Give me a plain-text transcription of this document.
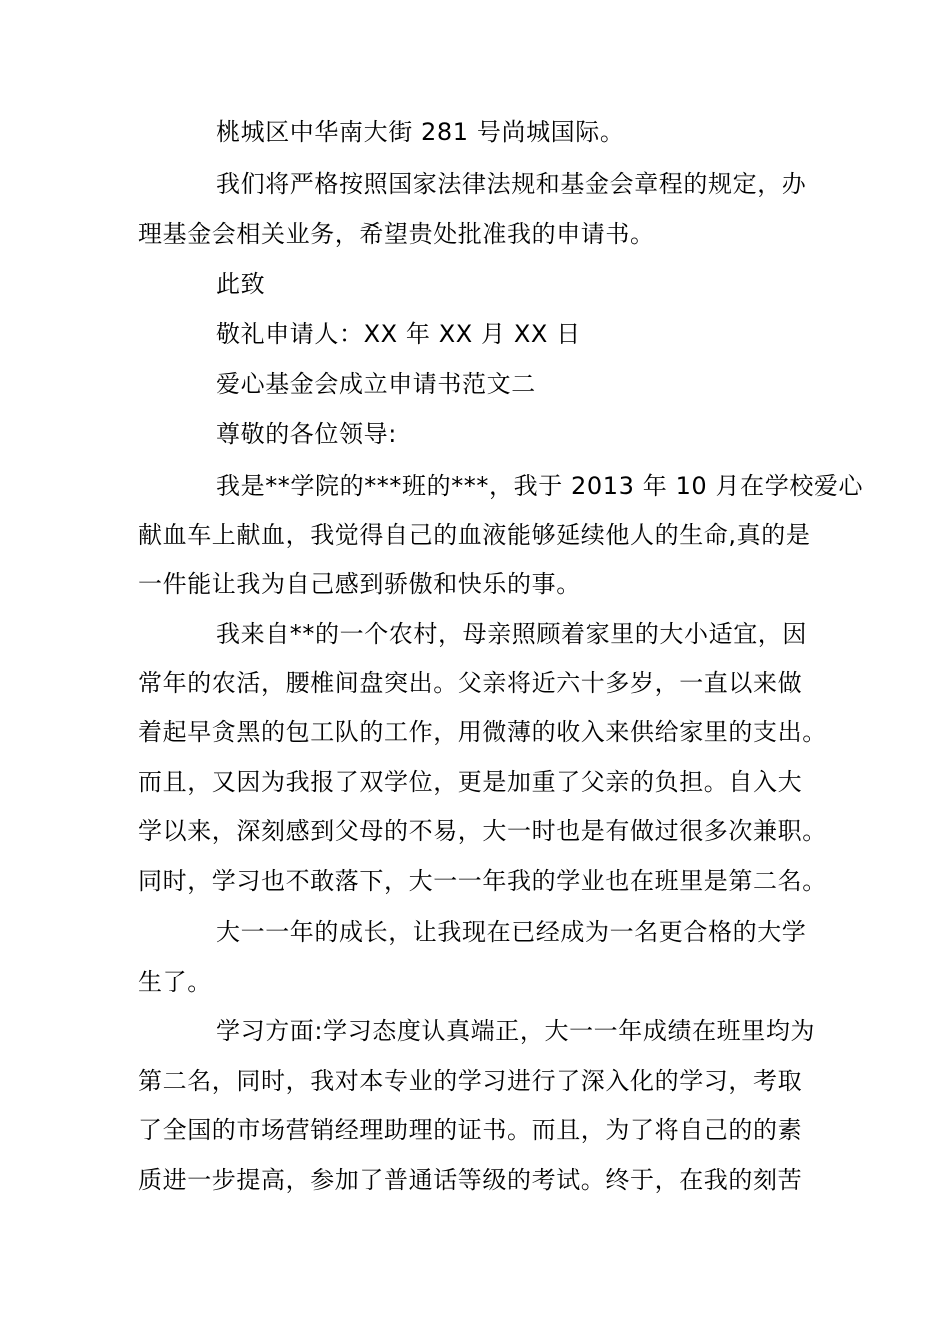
桃城区中华南大街 281 号尚城国际。
我们将严格按照国家法律法规和基金会章程的规定，办
理基金会相关业务，希望贵处批准我的申请书。
此致
敬礼申请人：XX 年 XX 月 XX 日
爱心基金会成立申请书范文二
尊敬的各位领导:
我是**学院的***班的***，我于 2013 年 10 月在学校爱心
献血车上献血，我觉得自己的血液能够延续他人的生命,真的是
一件能让我为自己感到骄傲和快乐的事。
我来自**的一个农村，母亲照顾着家里的大小适宜，因
常年的农活，腰椎间盘突出。父亲将近六十多岁，一直以来做
着起早贪黑的包工队的工作，用微薄的收入来供给家里的支出。
而且，又因为我报了双学位，更是加重了父亲的负担。自入大
学以来，深刻感到父母的不易，大一时也是有做过很多次兼职。
同时，学习也不敢落下，大一一年我的学业也在班里是第二名。
大一一年的成长，让我现在已经成为一名更合格的大学
生了。
学习方面:学习态度认真端正，大一一年成绩在班里均为
第二名，同时，我对本专业的学习进行了深入化的学习，考取
了全国的市场营销经理助理的证书。而且，为了将自己的的素
质进一步提高，参加了普通话等级的考试。终于，在我的刻苦
